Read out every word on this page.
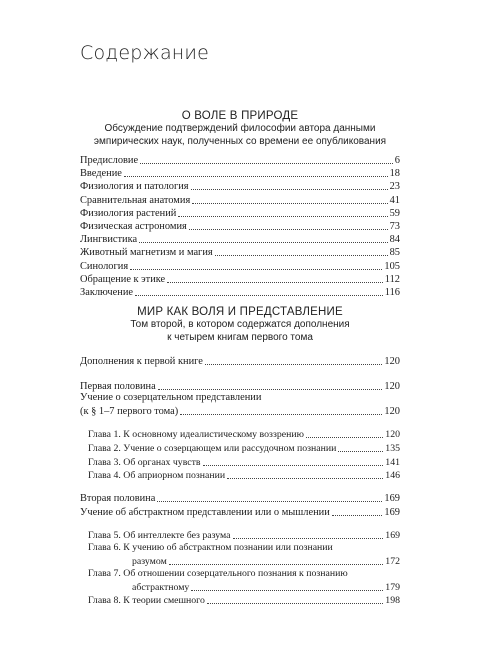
Содержание
О ВОЛЕ В ПРИРОДЕ
Обсуждение подтверждений философии автора данными
эмпирических наук, полученных со времени ее опубликования
Предисловие	6
Введение	18
Физиология и патология	23
Сравнительная анатомия	41
Физиология растений	59
Физическая астрономия	73
Лингвистика	84
Животный магнетизм и магия	85
Синология	105
Обращение к этике	112
Заключение	116
МИР КАК ВОЛЯ И ПРЕДСТАВЛЕНИЕ
Том второй, в котором содержатся дополнения
к четырем книгам первого тома
Дополнения к первой книге	120
Первая половина	120
Учение о созерцательном представлении
(к § 1–7 первого тома)	120
Глава 1. К основному идеалистическому воззрению	120
Глава 2. Учение о созерцающем или рассудочном познании	135
Глава 3. Об органах чувств	141
Глава 4. Об априорном познании	146
Вторая половина	169
Учение об абстрактном представлении или о мышлении	169
Глава 5. Об интеллекте без разума	169
Глава 6. К учению об абстрактном познании или познании
разумом	172
Глава 7. Об отношении созерцательного познания к познанию
абстрактному	179
Глава 8. К теории смешного	198
